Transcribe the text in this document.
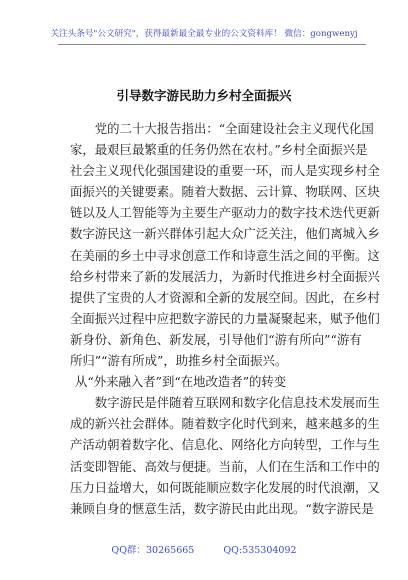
关注头条号"公文研究"，获得最新最全最专业的公文资料库！ 微信：gongwenyj
引导数字游民助力乡村全面振兴

党的二十大报告指出：“全面建设社会主义现代化国
家，最艰巨最繁重的任务仍然在农村。”乡村全面振兴是
社会主义现代化强国建设的重要一环，而人是实现乡村全
面振兴的关键要素。随着大数据、云计算、物联网、区块
链以及人工智能等为主要生产驱动力的数字技术迭代更新
数字游民这一新兴群体引起大众广泛关注，他们离城入乡
在美丽的乡土中寻求创意工作和诗意生活之间的平衡。这
给乡村带来了新的发展活力，为新时代推进乡村全面振兴
提供了宝贵的人才资源和全新的发展空间。因此，在乡村
全面振兴过程中应把数字游民的力量凝聚起来，赋予他们
新身份、新角色、新发展，引导他们“游有所向”“游有
所归”“游有所成”，助推乡村全面振兴。

从“外来融入者”到“在地改造者”的转变

数字游民是伴随着互联网和数字化信息技术发展而生
成的新兴社会群体。随着数字化时代到来，越来越多的生
产活动朝着数字化、信息化、网络化方向转型，工作与生
活变即智能、高效与便捷。当前，人们在生活和工作中的
压力日益增大，如何既能顺应数字化发展的时代浪潮，又
兼顾自身的惬意生活，数字游民由此出现。“数字游民是

QQ群：30265665	QQ:535304092
